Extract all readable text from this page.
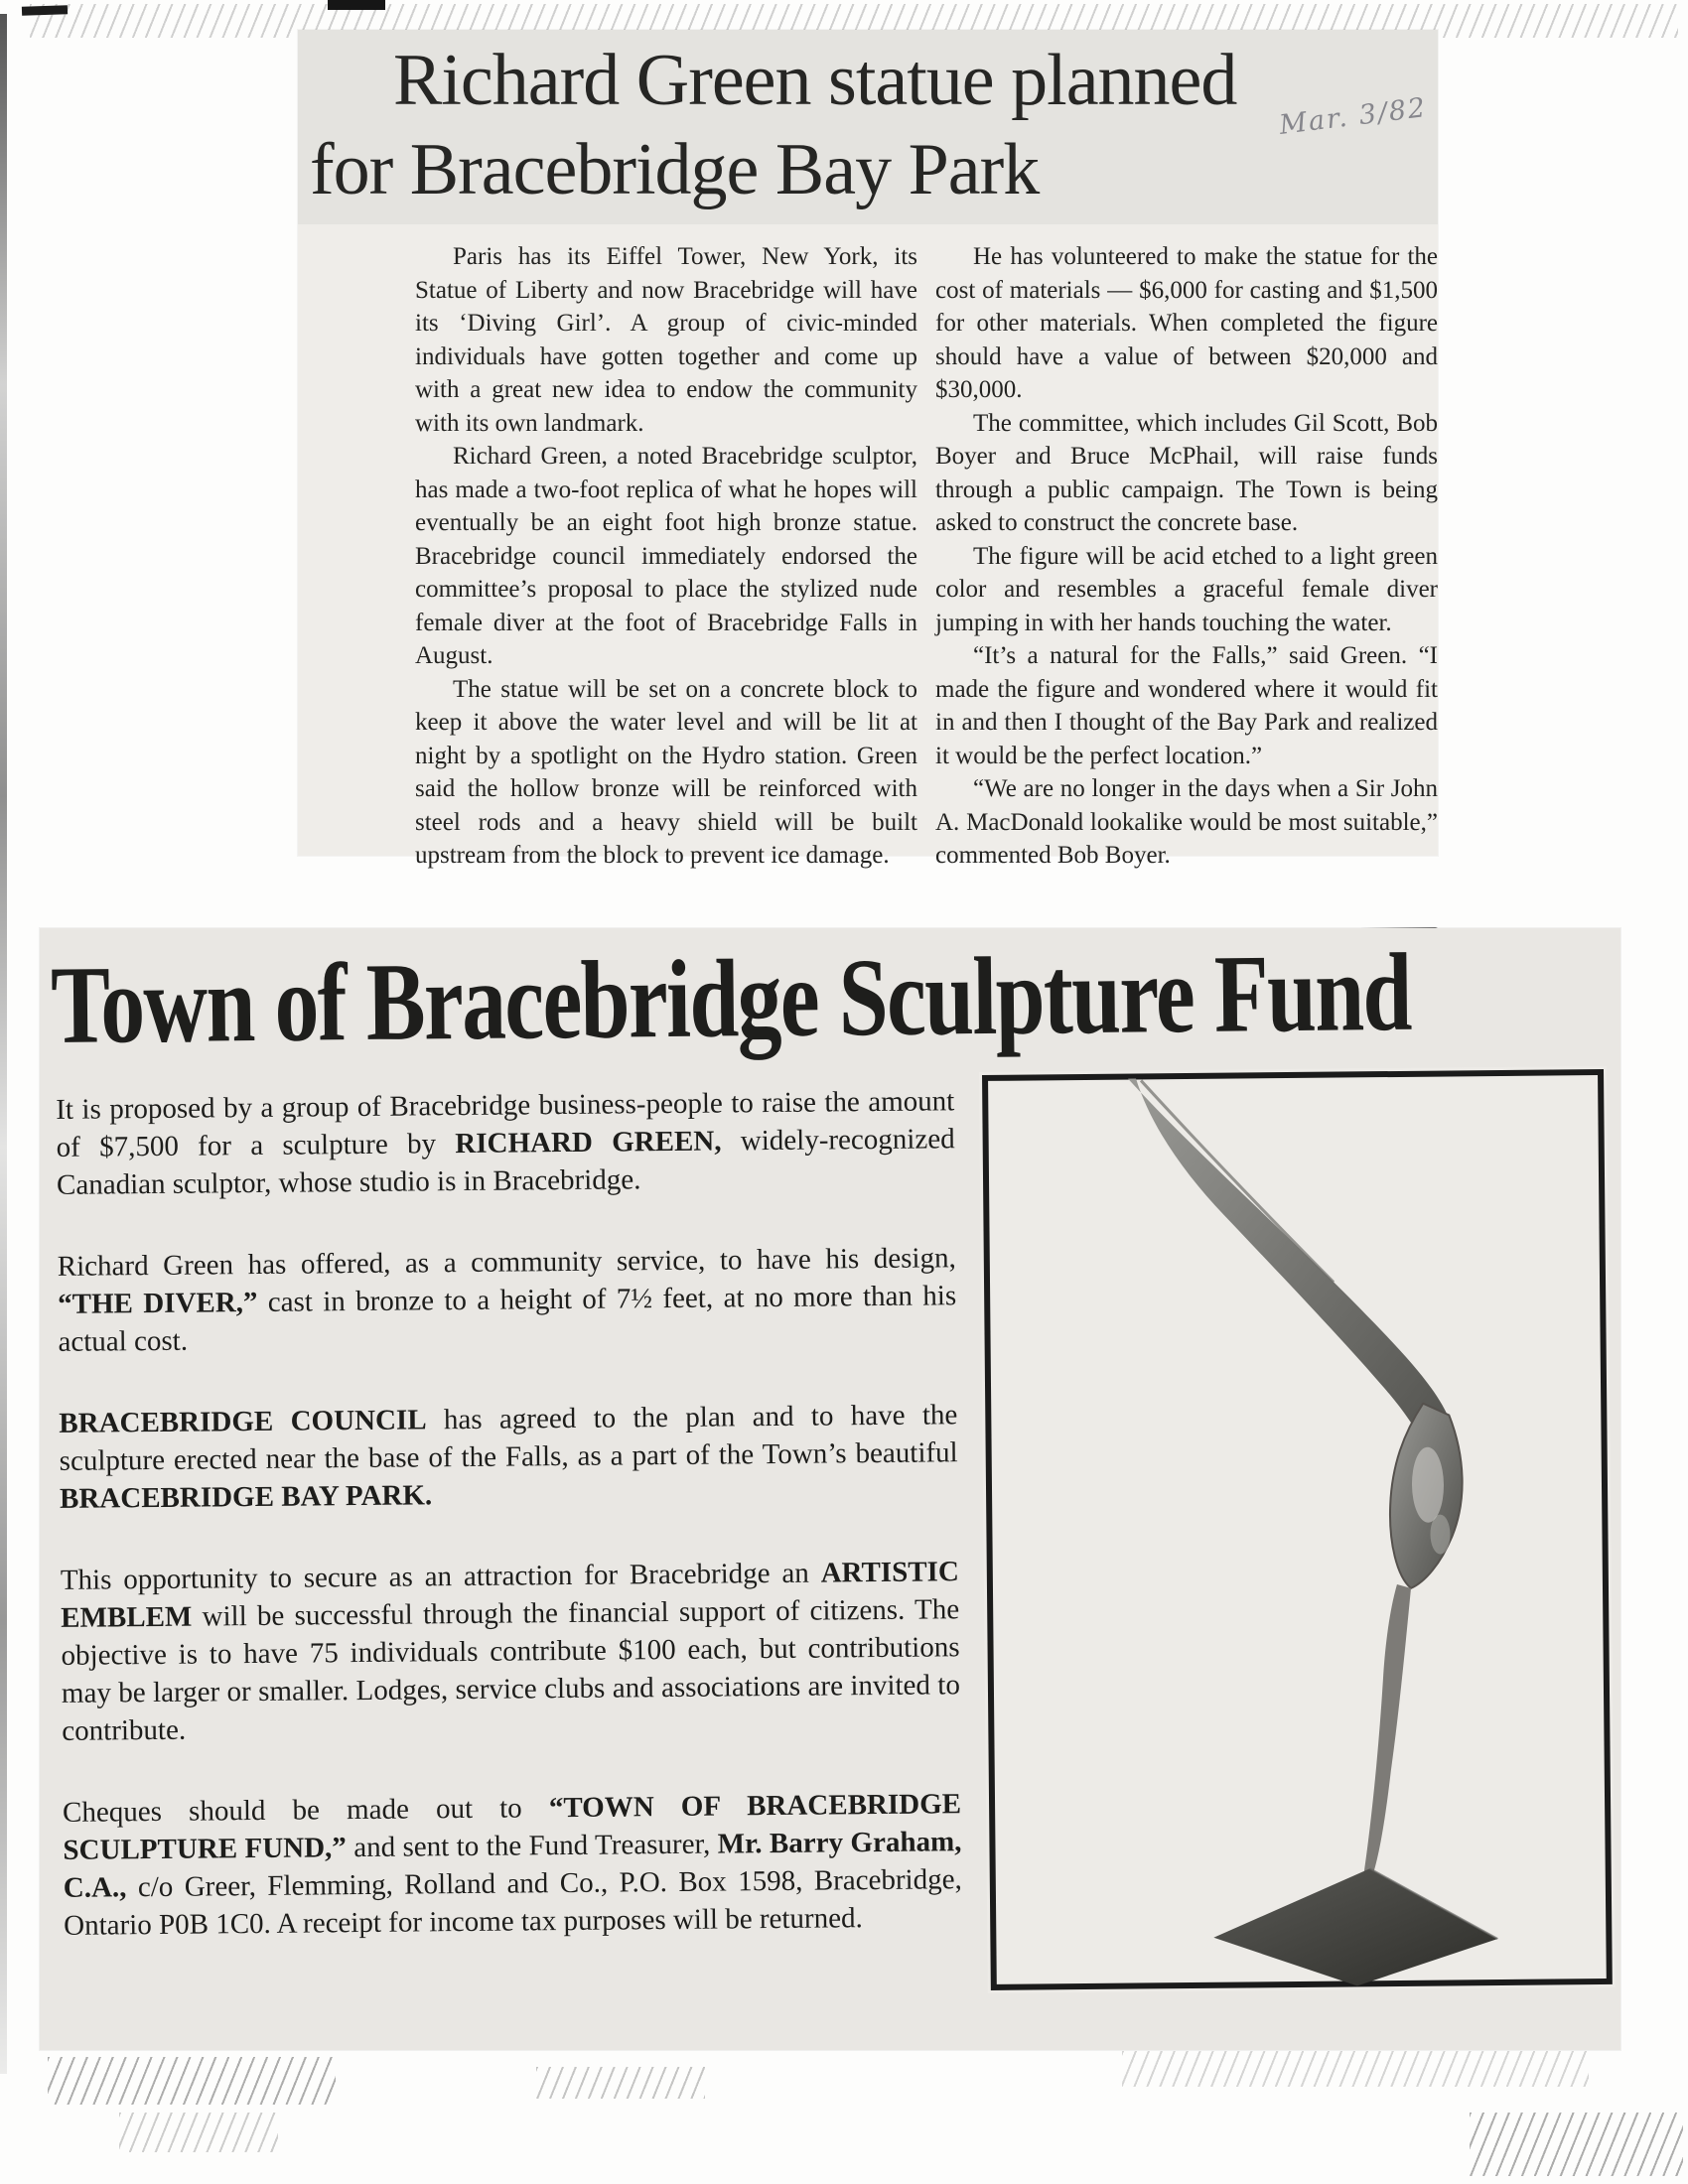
Richard Green statue planned
for Bracebridge Bay Park
Mar. 3/82

Paris has its Eiffel Tower, New York, its Statue of Liberty and now Bracebridge will have its ‘Diving Girl’. A group of civic-minded individuals have gotten together and come up with a great new idea to endow the community with its own landmark.

Richard Green, a noted Bracebridge sculptor, has made a two-foot replica of what he hopes will eventually be an eight foot high bronze statue. Bracebridge council immediately endorsed the committee’s proposal to place the stylized nude female diver at the foot of Bracebridge Falls in August.

The statue will be set on a concrete block to keep it above the water level and will be lit at night by a spotlight on the Hydro station. Green said the hollow bronze will be reinforced with steel rods and a heavy shield will be built upstream from the block to prevent ice damage.

He has volunteered to make the statue for the cost of materials — $6,000 for casting and $1,500 for other materials. When completed the figure should have a value of between $20,000 and $30,000.

The committee, which includes Gil Scott, Bob Boyer and Bruce McPhail, will raise funds through a public campaign. The Town is being asked to construct the concrete base.

The figure will be acid etched to a light green color and resembles a graceful female diver jumping in with her hands touching the water.

“It’s a natural for the Falls,” said Green. “I made the figure and wondered where it would fit in and then I thought of the Bay Park and realized it would be the perfect location.”

“We are no longer in the days when a Sir John A. MacDonald lookalike would be most suitable,” commented Bob Boyer.

Town of Bracebridge Sculpture Fund

It is proposed by a group of Bracebridge business-people to raise the amount of $7,500 for a sculpture by RICHARD GREEN, widely-recognized Canadian sculptor, whose studio is in Bracebridge.

Richard Green has offered, as a community service, to have his design, “THE DIVER,” cast in bronze to a height of 7½ feet, at no more than his actual cost.

BRACEBRIDGE COUNCIL has agreed to the plan and to have the sculpture erected near the base of the Falls, as a part of the Town’s beautiful BRACEBRIDGE BAY PARK.

This opportunity to secure as an attraction for Bracebridge an ARTISTIC EMBLEM will be successful through the financial support of citizens. The objective is to have 75 individuals contribute $100 each, but contributions may be larger or smaller. Lodges, service clubs and associations are invited to contribute.

Cheques should be made out to “TOWN OF BRACEBRIDGE SCULPTURE FUND,” and sent to the Fund Treasurer, Mr. Barry Graham, C.A., c/o Greer, Flemming, Rolland and Co., P.O. Box 1598, Bracebridge, Ontario P0B 1C0. A receipt for income tax purposes will be returned.
